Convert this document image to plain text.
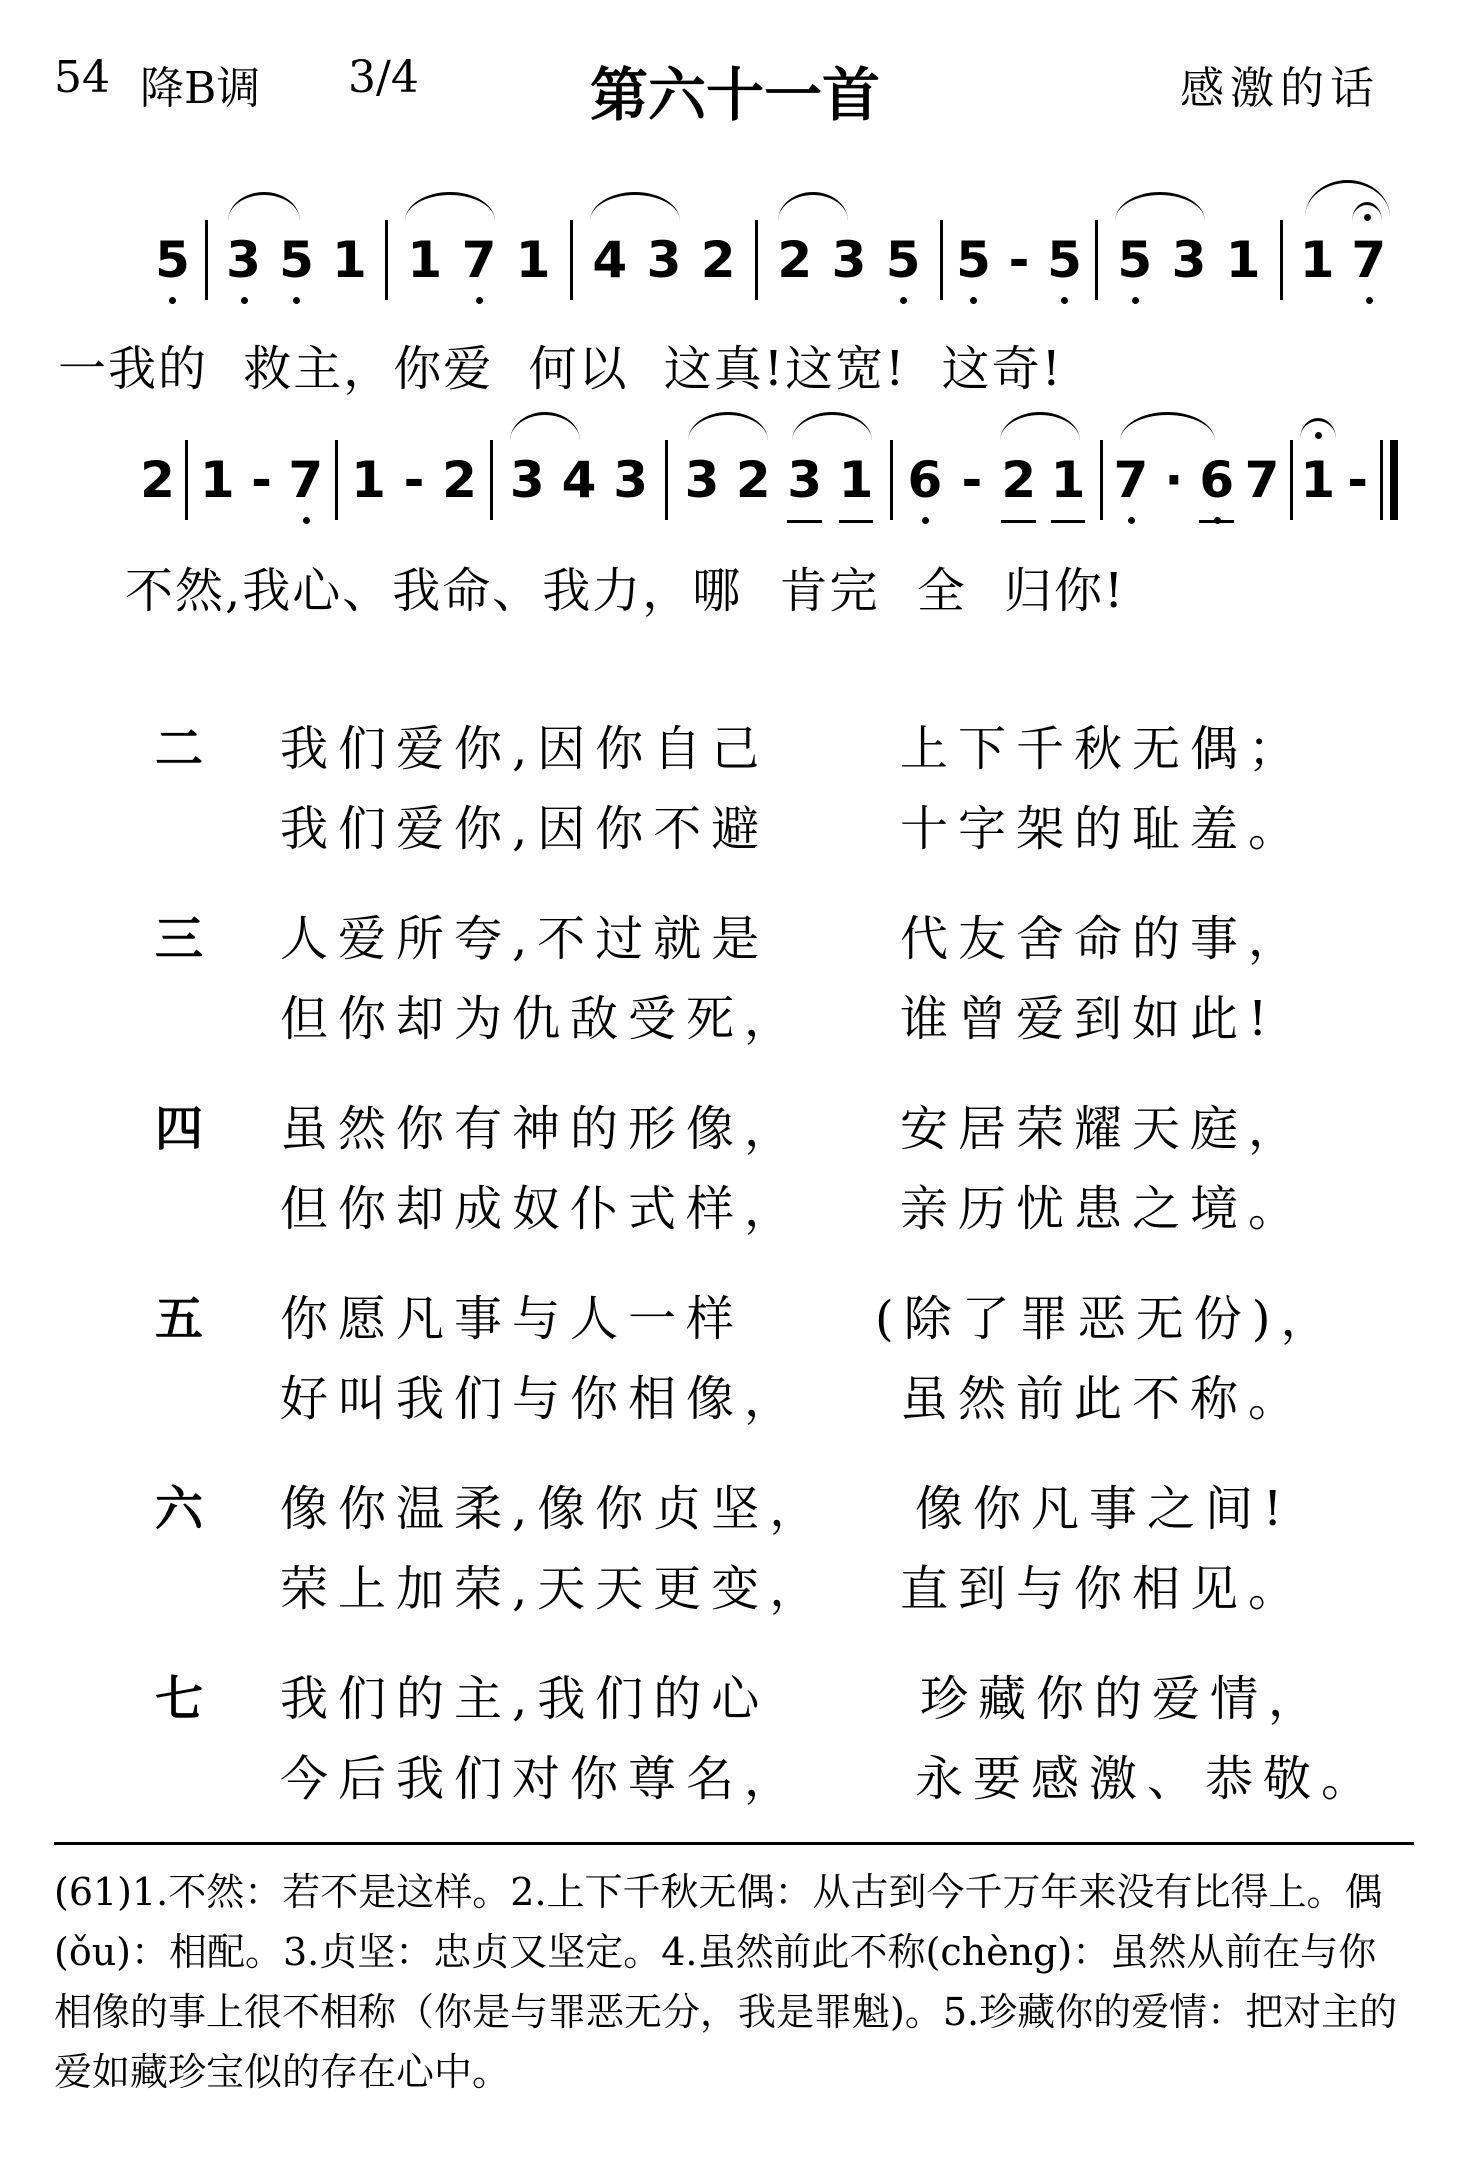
54 降B调 3/4	第六十一首	感激的话
5 3 5 1 1 7 1 4 3 2 2 3 5 5 - 5 5 3 1 1 7
一我的 救主，你爱 何以 这真!这宽! 这奇!
2 1 - 7 1 - 2 3 4 3 3 2 3 1 6 - 2 1 7 · 6 7 1 -
不然,我心、我命、我力，哪 肯完 全 归你!
二 我们爱你,因你自己	上下千秋无偶；
我们爱你,因你不避	十字架的耻羞。
三 人爱所夸,不过就是	代友舍命的事，
但你却为仇敌受死， 谁曾爱到如此!
四 虽然你有神的形像， 安居荣耀天庭，
但你却成奴仆式样， 亲历忧患之境。
五 你愿凡事与人一样	(除了罪恶无份)，
好叫我们与你相像， 虽然前此不称。
六 像你温柔,像你贞坚， 像你凡事之间!
荣上加荣,天天更变， 直到与你相见。
七 我们的主,我们的心	珍藏你的爱情，
今后我们对你尊名， 永要感激、恭敬。
(61)1.不然：若不是这样。2.上下千秋无偶：从古到今千万年来没有比得上。偶(ǒu)：相配。3.贞坚：忠贞又坚定。4.虽然前此不称(chèng)：虽然从前在与你相像的事上很不相称（你是与罪恶无分，我是罪魁)。5.珍藏你的爱情：把对主的爱如藏珍宝似的存在心中。
